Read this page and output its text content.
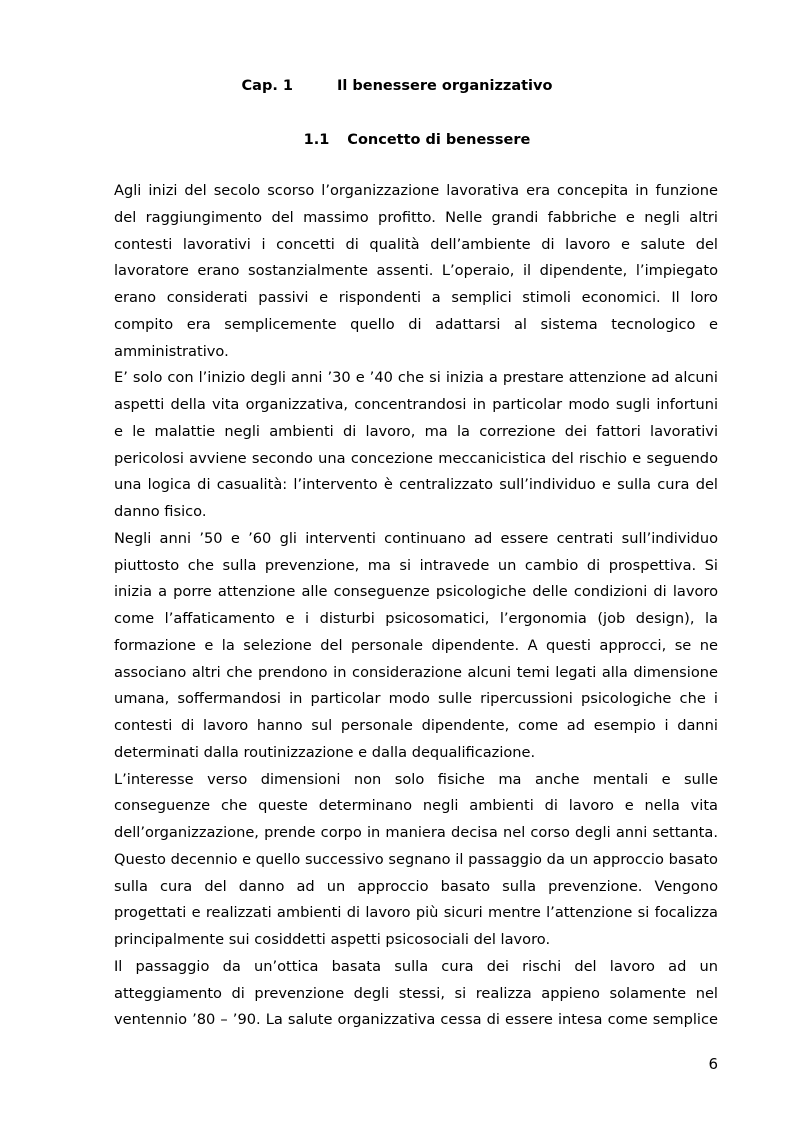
Cap. 1	Il benessere organizzativo
1.1 Concetto di benessere
Agli inizi del secolo scorso l’organizzazione lavorativa era concepita in funzione
del raggiungimento del massimo profitto. Nelle grandi fabbriche e negli altri
contesti lavorativi i concetti di qualità dell’ambiente di lavoro e salute del
lavoratore erano sostanzialmente assenti. L’operaio, il dipendente, l’impiegato
erano considerati passivi e rispondenti a semplici stimoli economici. Il loro
compito era semplicemente quello di adattarsi al sistema tecnologico e
amministrativo.
E’ solo con l’inizio degli anni ’30 e ’40 che si inizia a prestare attenzione ad alcuni
aspetti della vita organizzativa, concentrandosi in particolar modo sugli infortuni
e le malattie negli ambienti di lavoro, ma la correzione dei fattori lavorativi
pericolosi avviene secondo una concezione meccanicistica del rischio e seguendo
una logica di casualità: l’intervento è centralizzato sull’individuo e sulla cura del
danno fisico.
Negli anni ’50 e ’60 gli interventi continuano ad essere centrati sull’individuo
piuttosto che sulla prevenzione, ma si intravede un cambio di prospettiva. Si
inizia a porre attenzione alle conseguenze psicologiche delle condizioni di lavoro
come l’affaticamento e i disturbi psicosomatici, l’ergonomia (job design), la
formazione e la selezione del personale dipendente. A questi approcci, se ne
associano altri che prendono in considerazione alcuni temi legati alla dimensione
umana, soffermandosi in particolar modo sulle ripercussioni psicologiche che i
contesti di lavoro hanno sul personale dipendente, come ad esempio i danni
determinati dalla routinizzazione e dalla dequalificazione.
L’interesse verso dimensioni non solo fisiche ma anche mentali e sulle
conseguenze che queste determinano negli ambienti di lavoro e nella vita
dell’organizzazione, prende corpo in maniera decisa nel corso degli anni settanta.
Questo decennio e quello successivo segnano il passaggio da un approccio basato
sulla cura del danno ad un approccio basato sulla prevenzione. Vengono
progettati e realizzati ambienti di lavoro più sicuri mentre l’attenzione si focalizza
principalmente sui cosiddetti aspetti psicosociali del lavoro.
Il passaggio da un’ottica basata sulla cura dei rischi del lavoro ad un
atteggiamento di prevenzione degli stessi, si realizza appieno solamente nel
ventennio ’80 – ’90. La salute organizzativa cessa di essere intesa come semplice
6
